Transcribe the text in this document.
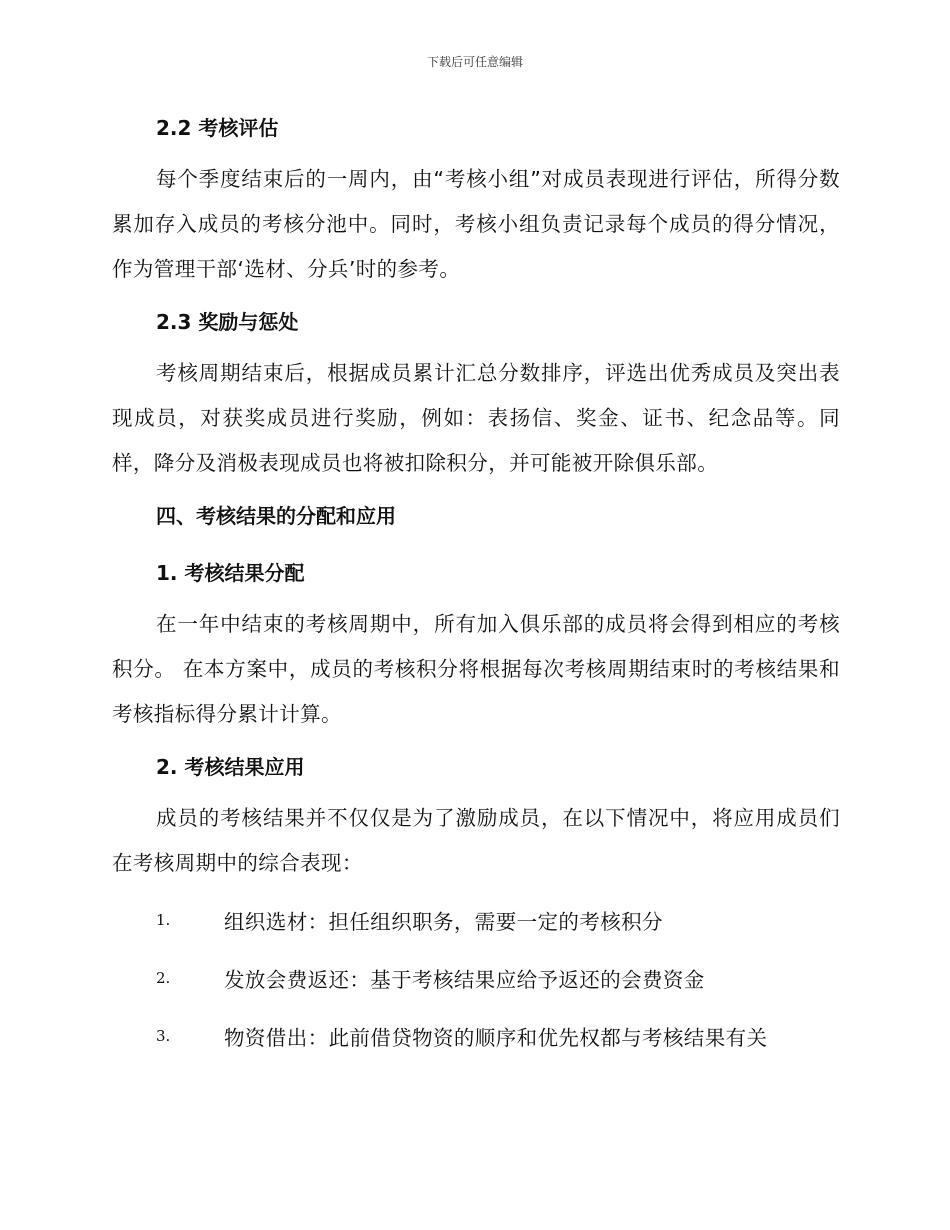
下载后可任意编辑
2.2 考核评估

每个季度结束后的一周内，由“考核小组”对成员表现进行评估，所得分数累加存入成员的考核分池中。同时，考核小组负责记录每个成员的得分情况，作为管理干部‘选材、分兵’时的参考。

2.3 奖励与惩处

考核周期结束后，根据成员累计汇总分数排序，评选出优秀成员及突出表现成员，对获奖成员进行奖励，例如：表扬信、奖金、证书、纪念品等。同样，降分及消极表现成员也将被扣除积分，并可能被开除俱乐部。

四、考核结果的分配和应用
1. 考核结果分配

在一年中结束的考核周期中，所有加入俱乐部的成员将会得到相应的考核积分。 在本方案中，成员的考核积分将根据每次考核周期结束时的考核结果和考核指标得分累计计算。

2. 考核结果应用

成员的考核结果并不仅仅是为了激励成员，在以下情况中，将应用成员们在考核周期中的综合表现：

1.	组织选材：担任组织职务，需要一定的考核积分
2.	发放会费返还：基于考核结果应给予返还的会费资金
3.	物资借出：此前借贷物资的顺序和优先权都与考核结果有关
